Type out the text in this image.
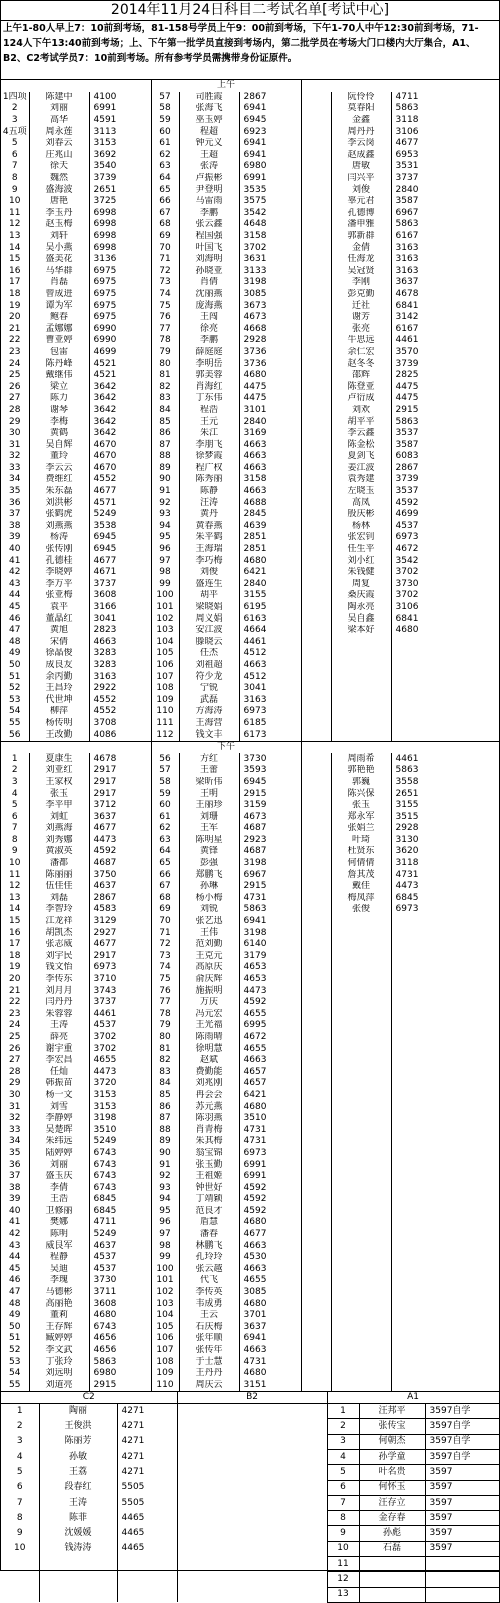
2014年11月24日科目二考试名单[考试中心]
上午1-80人早上7：10前到考场，81-158号学员上午9：00前到考场，下午1-70人中午12:30前到考场，71-124人下午13:40前到考场；上、下午第一批学员直接到考场内，第二批学员在考场大门口楼内大厅集合，A1、B2、C2考试学员7：10前到考场。所有参考学员需携带身份证原件。
			上午					
1四项	陈建中	4100	57	司胜霞	2867		阮伶伶	4711
2	刘丽	6991	58	张海飞	6941		莫春阳	5863
3	高华	4591	59	巫玉婷	6945		金鑫	3118
4五项	周永莲	3113	60	程超	6923		周丹丹	3106
5	刘春云	3153	61	钟元义	6941		李云岗	4677
6	庄兆山	3692	62	王超	6941		赵成鑫	6953
7	徐天	3540	63	张涛	6980		唐敏	3531
8	魏然	3739	64	卢振彬	6991		闫兴平	3737
9	盛海波	2651	65	尹登明	3535		刘俊	2840
10	唐艳	3725	66	马雷雨	3575		辜元君	3587
11	李玉丹	6998	67	李鹏	3542		孔德博	6967
12	赵玉梅	6998	68	张云鑫	4648		潘申雅	5863
13	刘轩	6998	69	程国强	3158		郭新群	6167
14	吴小燕	6998	70	叶国飞	3702		金倩	3163
15	盛美花	3136	71	刘海明	3631		任海龙	3163
16	马华群	6975	72	孙晓亚	3133		吴冠贤	3163
17	肖磊	6975	73	肖倩	3198		李刚	3637
18	曾成进	6975	74	沈丽燕	3085		彭克勤	4678
19	谭为军	6975	75	庞海燕	3673		迁社	6841
20	鲍春	6975	76	王闯	4673		谢芳	3142
21	孟娜娜	6990	77	徐亮	4668		张亮	6167
22	曹亚婷	6990	78	李鹏	2928		牛思远	4461
23	包雷	4699	79	薛庭庭	3736		余仁宏	3570
24	陈丹峰	4521	80	李明岳	3736		赵冬冬	3739
25	戴继伟	4521	81	郭美蓉	4680		邵辉	2825
26	梁立	3642	82	肖海红	4475		陈登亚	4475
27	陈力	3642	83	丁东伟	4475		卢衍成	4475
28	谢琴	3642	84	程浩	3101		刘欢	2915
29	李梅	3642	85	王元	2840		胡平平	5863
30	黄鹤	3642	86	朱江	3169		李云鑫	3537
31	吴自辉	4670	87	李朋飞	4663		陈金松	3587
32	董玲	4670	88	徐梦霞	4663		夏剑飞	6083
33	李云云	4670	89	程广权	4663		姜江波	2867
34	费维红	4552	90	陈秀丽	3158		袁秀建	3739
35	朱东磊	4677	91	陈静	4663		左晓玉	3537
36	刘洪彬	4571	92	汪涛	4688		高凤	4592
37	张鹤虎	5249	93	黄丹	2845		殷庆彬	4699
38	刘燕燕	3538	94	黄春燕	4639		杨林	4537
39	杨涛	6945	95	朱平鹤	2851		张宏钊	6973
40	张传刚	6945	96	王海瑞	2851		任生平	4672
41	孔德桂	4677	97	李巧梅	4680		刘小红	3542
42	李晓婷	4671	98	刘俊	6421		朱钱健	3702
43	李万平	3737	99	盛连生	2840		周复	3730
44	张亚梅	3608	100	胡平	3155		桑庆霞	3702
45	袁平	3166	101	梁晓娟	6195		陶永亮	3106
46	董晶红	3041	102	周义娟	6163		吴自鑫	6841
47	黄旭	2823	103	安江波	4664		梁本好	4680
48	宋倩	4663	104	滕晓云	4461			
49	徐晶俊	3283	105	任杰	4512			
50	成良友	3283	106	刘祖超	4663			
51	余丙勤	3163	107	符少龙	4512			
52	王昌玲	2922	108	宁锐	3041			
53	代世坤	4552	109	武磊	3163			
54	柳萍	4552	110	方海涛	6973			
55	杨传明	3708	111	王海营	6185			
56	王改勤	4086	112	钱文丰	6173			
			下午					
1	夏康生	4678	56	方红	3730		周雨希	4461
2	刘亚红	2917	57	王蕾	3593		郭艳艳	5863
3	王家权	2917	58	梁昕伟	6945		郭巍	3558
4	张玉	2917	59	王明	2915		陈兴保	2651
5	李平甲	3712	60	王丽珍	3159		张玉	3155
6	刘虹	3637	61	刘珊	4673		郑永军	3515
7	刘燕海	4677	62	王军	4687		张娟兰	2928
8	刘秀娜	4473	63	陈明星	2923		叶琦	3130
9	黄淑英	4592	64	黄锋	4687		杜贤东	3620
10	潘都	4687	65	彭强	3198		何倩倩	3118
11	陈丽丽	3750	66	郑鹏飞	6967		詹其茂	4731
12	伍佳佳	4637	67	孙琳	2915		戴佳	4473
13	刘磊	2867	68	杨小梅	4731		梅凤萍	6845
14	李智玲	4583	69	刘锐	5863		张俊	6973
15	江龙祥	3129	70	张艺迅	6941			
16	胡凯杰	2927	71	王伟	3198			
17	张志威	4677	72	范刘勤	6140			
18	刘宇民	2917	73	王克元	3179			
19	钱文怡	6973	74	高原庆	4653			
20	李传东	3710	75	俞庆辉	4653			
21	刘月月	3743	76	施振明	4473			
22	闫丹丹	3737	77	万庆	4592			
23	朱蓉蓉	4461	78	冯元宏	4655			
24	王涛	4537	79	王光福	6995			
25	薛亮	3702	80	陈雨晴	4672			
26	谢宇重	3702	81	徐明慧	4655			
27	李宏昌	4655	82	赵斌	4663			
28	任灿	4473	83	费勤能	4657			
29	韩振苗	3720	84	刘兆刚	4657			
30	杨一文	3153	85	冉会会	6421			
31	刘雪	3153	86	苏元燕	4680			
32	李静婷	3198	87	陈羽燕	3510			
33	吴楚晖	3510	88	肖青梅	4731			
34	朱纬远	5249	89	朱其梅	4731			
35	陆婷婷	6743	90	翁宝锦	6973			
36	刘丽	6743	91	张玉勤	6991			
37	盛玉庆	6743	92	王祖姬	6991			
38	李倩	6743	93	钟世好	4592			
39	王浩	6845	94	丁靖颖	4592			
40	卫修丽	6845	95	范良才	4592			
41	樊娜	4711	96	盾慧	4680			
42	陈明	5249	97	潘春	4677			
43	威艮军	4637	98	林鹏飞	4663			
44	程静	4537	99	孔玲玲	4530			
45	吴迪	4537	100	张云越	4663			
46	李瑰	3730	101	代飞	4655			
47	马德彬	3711	102	李传英	3085			
48	高丽艳	3608	103	韦成勇	4680			
49	董莉	4680	104	王云	3701			
50	王存辉	6743	105	石庆梅	3637			
51	臧婷婷	4656	106	张年顺	6941			
52	李文武	4656	107	张传年	4663			
53	丁张玲	5863	108	于士慧	4731			
54	刘远明	6980	109	王丹丹	4680			
55	刘道亮	2915	110	周庆云	3151			
C2			B2	A1		
1	陶丽	4271		1	汪邦平	3597自学
2	王俊洪	4271		2	张传宝	3597自学
3	陈丽芳	4271		3	何朝杰	3597自学
4	孙敏	4271		4	孙学童	3597自学
5	王荔	4271		5	叶名贵	3597
6	段春红	5505		6	何怀玉	3597
7	王涛	5505		7	汪存立	3597
8	陈菲	4465		8	金存春	3597
9	沈媛媛	4465		9	孙彪	3597
10	钱涛涛	4465		10	石磊	3597
				11		
				12		
				13		
